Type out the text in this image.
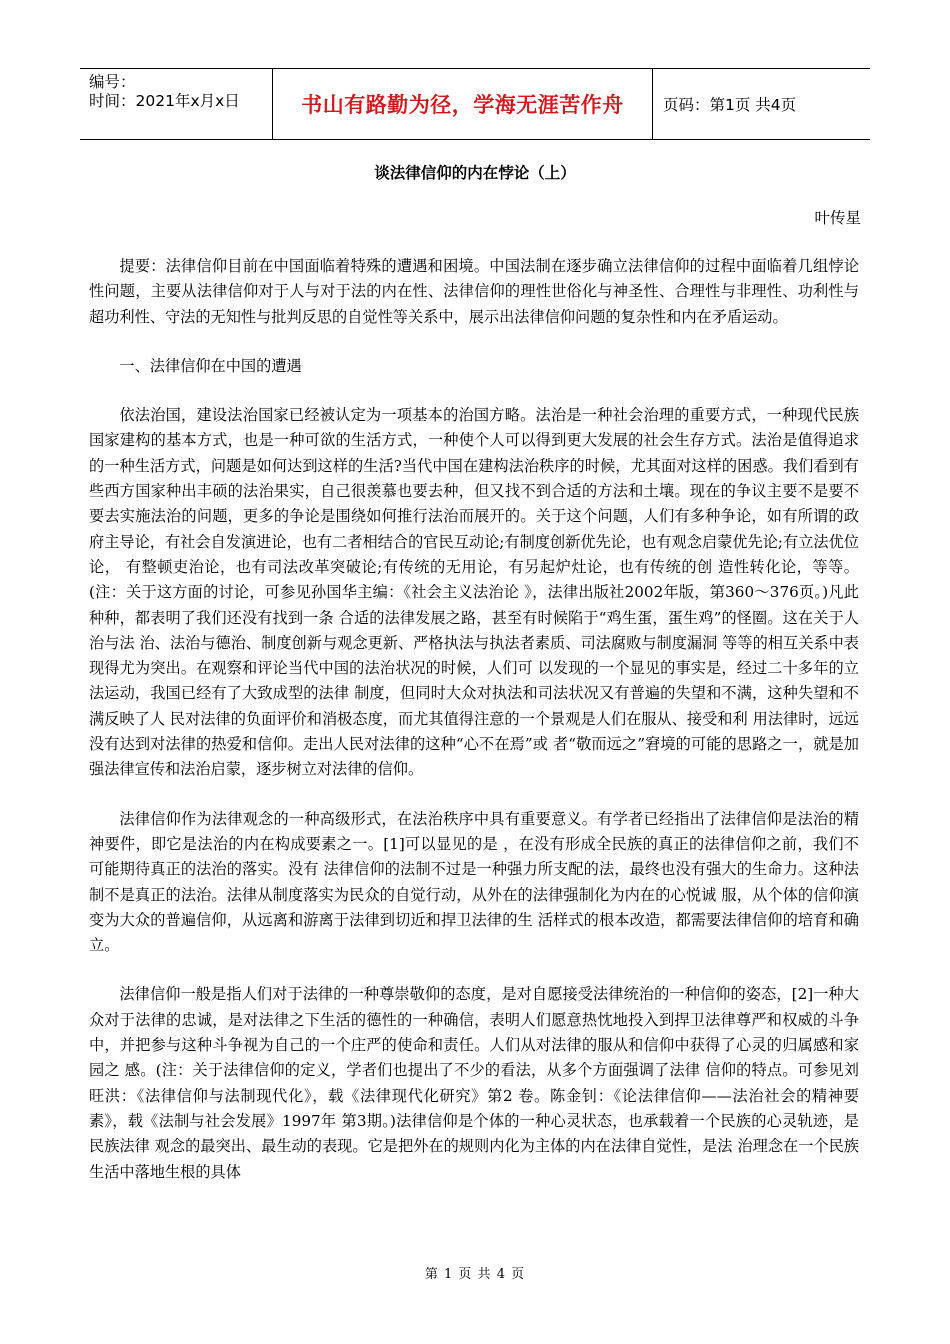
编号：
时间：2021年x月x日	书山有路勤为径，学海无涯苦作舟	页码：第1页 共4页
谈法律信仰的内在悖论（上）
叶传星

提要：法律信仰目前在中国面临着特殊的遭遇和困境。中国法制在逐步确立法律信仰的过程中面临着几组悖论性问题，主要从法律信仰对于人与对于法的内在性、法律信仰的理性世俗化与神圣性、合理性与非理性、功利性与超功利性、守法的无知性与批判反思的自觉性等关系中，展示出法律信仰问题的复杂性和内在矛盾运动。

一、法律信仰在中国的遭遇

依法治国，建设法治国家已经被认定为一项基本的治国方略。法治是一种社会治理的重要方式，一种现代民族国家建构的基本方式，也是一种可欲的生活方式，一种使个人可以得到更大发展的社会生存方式。法治是值得追求的一种生活方式，问题是如何达到这样的生活?当代中国在建构法治秩序的时候，尤其面对这样的困惑。我们看到有些西方国家种出丰硕的法治果实，自己很羡慕也要去种，但又找不到合适的方法和土壤。现在的争议主要不是要不要去实施法治的问题，更多的争论是围绕如何推行法治而展开的。关于这个问题，人们有多种争论，如有所谓的政府主导论，有社会自发演进论，也有二者相结合的官民互动论;有制度创新优先论，也有观念启蒙优先论;有立法优位论， 有整顿吏治论，也有司法改革突破论;有传统的无用论，有另起炉灶论，也有传统的创 造性转化论，等等。(注：关于这方面的讨论，可参见孙国华主编：《社会主义法治论 》，法律出版社2002年版，第360～376页。)凡此种种，都表明了我们还没有找到一条 合适的法律发展之路，甚至有时候陷于“鸡生蛋，蛋生鸡”的怪圈。这在关于人治与法 治、法治与德治、制度创新与观念更新、严格执法与执法者素质、司法腐败与制度漏洞 等等的相互关系中表现得尤为突出。在观察和评论当代中国的法治状况的时候，人们可 以发现的一个显见的事实是，经过二十多年的立法运动，我国已经有了大致成型的法律 制度，但同时大众对执法和司法状况又有普遍的失望和不满，这种失望和不满反映了人 民对法律的负面评价和消极态度，而尤其值得注意的一个景观是人们在服从、接受和利 用法律时，远远没有达到对法律的热爱和信仰。走出人民对法律的这种“心不在焉”或 者“敬而远之”窘境的可能的思路之一，就是加强法律宣传和法治启蒙，逐步树立对法律的信仰。

法律信仰作为法律观念的一种高级形式，在法治秩序中具有重要意义。有学者已经指出了法律信仰是法治的精神要件，即它是法治的内在构成要素之一。[1]可以显见的是 ，在没有形成全民族的真正的法律信仰之前，我们不可能期待真正的法治的落实。没有 法律信仰的法制不过是一种强力所支配的法，最终也没有强大的生命力。这种法制不是真正的法治。法律从制度落实为民众的自觉行动，从外在的法律强制化为内在的心悦诚 服，从个体的信仰演变为大众的普遍信仰，从远离和游离于法律到切近和捍卫法律的生 活样式的根本改造，都需要法律信仰的培育和确立。

法律信仰一般是指人们对于法律的一种尊崇敬仰的态度，是对自愿接受法律统治的一种信仰的姿态，[2]一种大众对于法律的忠诚，是对法律之下生活的德性的一种确信，表明人们愿意热忱地投入到捍卫法律尊严和权威的斗争中，并把参与这种斗争视为自己的一个庄严的使命和责任。人们从对法律的服从和信仰中获得了心灵的归属感和家园之 感。(注：关于法律信仰的定义，学者们也提出了不少的看法，从多个方面强调了法律 信仰的特点。可参见刘旺洪：《法律信仰与法制现代化》，载《法律现代化研究》第2 卷。陈金钊：《论法律信仰——法治社会的精神要素》，载《法制与社会发展》1997年 第3期。)法律信仰是个体的一种心灵状态，也承载着一个民族的心灵轨迹，是民族法律 观念的最突出、最生动的表现。它是把外在的规则内化为主体的内在法律自觉性，是法 治理念在一个民族生活中落地生根的具体

第 1 页 共 4 页
